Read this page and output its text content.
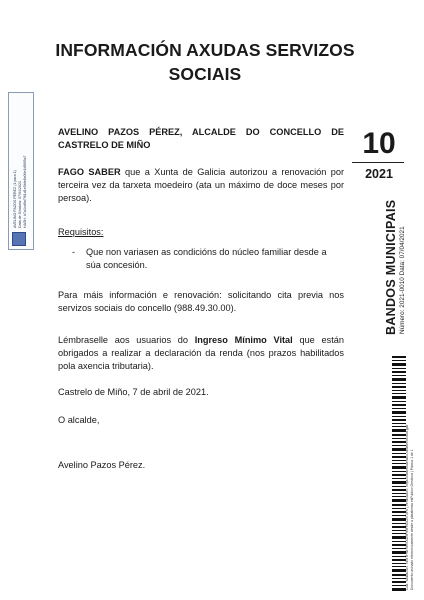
INFORMACIÓN AXUDAS SERVIZOS SOCIAIS
10
2021
AVELINO PAZOS PÉREZ, ALCALDE DO CONCELLO DE CASTRELO DE MIÑO
FAGO SABER que a Xunta de Galicia autorizou a renovación por terceira vez da tarxeta moedeiro (ata un máximo de doce meses por persoa).
Requisitos:
-	Que non variasen as condicións do núcleo familiar desde a súa concesión.
Para máis información e renovación: solicitando cita previa nos servizos sociais do concello (988.49.30.00).
Lémbraselle aos usuarios do Ingreso Mínimo Vital que están obrigados a realizar a declaración da renda (nos prazos habilitados pola axencia tributaria).
Castrelo de Miño, 7 de abril de 2021.
O alcalde,
Avelino Pazos Pérez.
AVELINO PAZOS PÉREZ (1 para 1) Data de Sinatura: 07/04/2021 HASH: b7a1cd9a7f61d1e5bfe8c06e1d56f5a7
BANDOS MUNICIPAIS Número: 2021-0010 Data: 07/04/2021
Cód. Validación: 74WTHNH9HSXD9P99FRDCNT3P6 | Verificación: https://castrelodemino.sedelectronica.gal/ Documento asinado electrónicamente desde a plataforma esPublico Gestiona | Páxina 1 de 1
